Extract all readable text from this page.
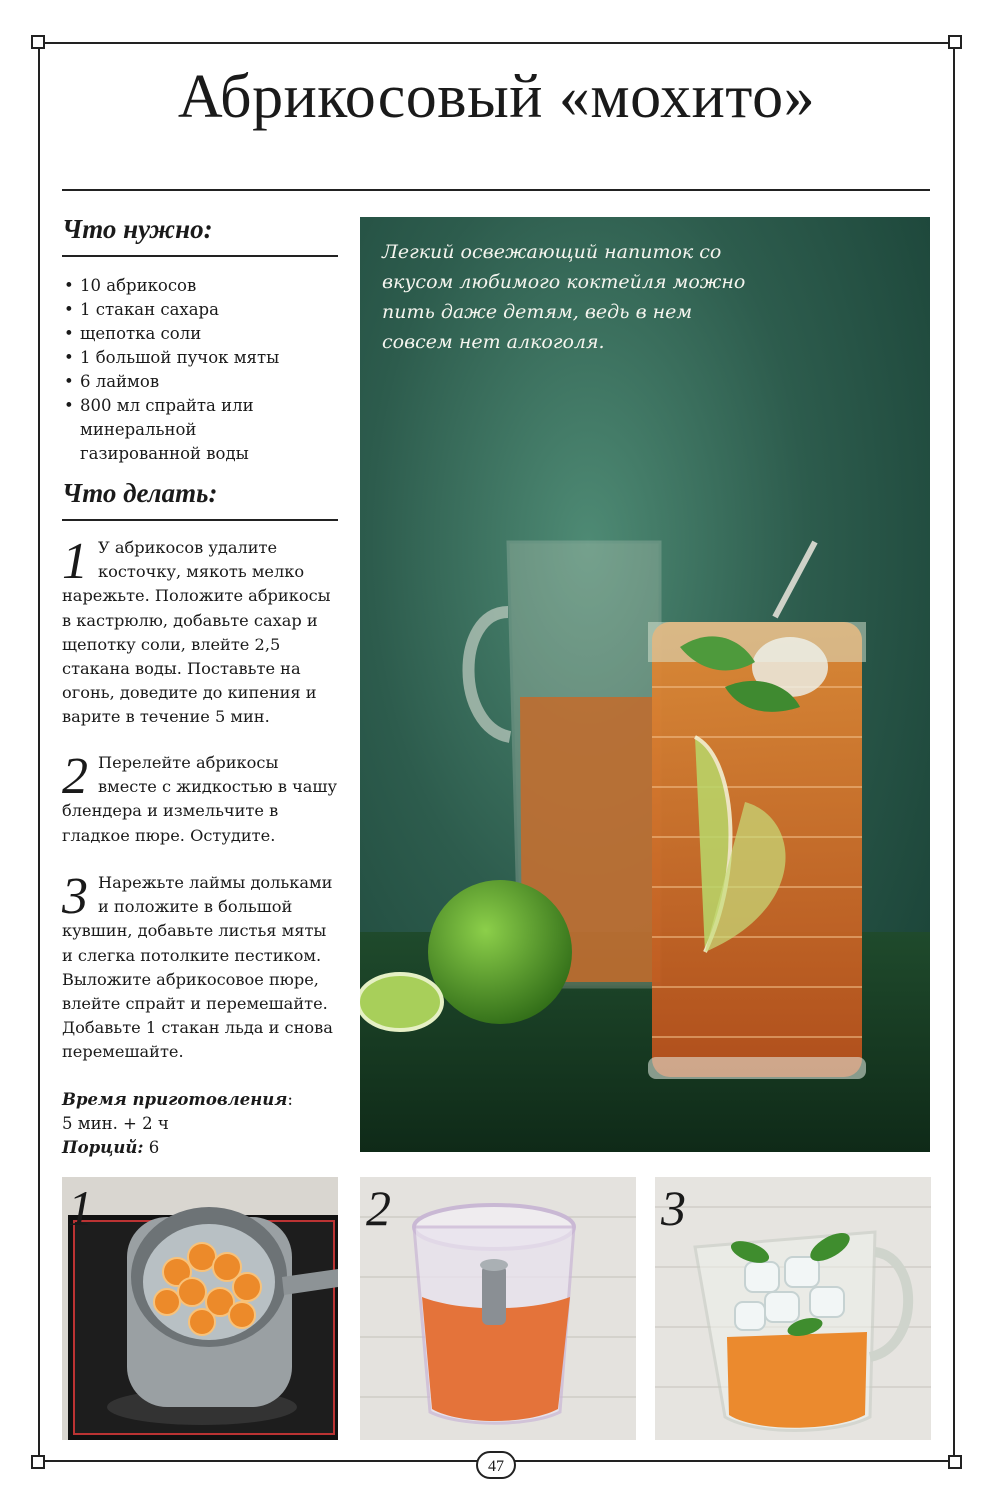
Абрикосовый «мохито»
Что нужно:
• 10 абрикосов
• 1 стакан сахара
• щепотка соли
• 1 большой пучок мяты
• 6 лаймов
• 800 мл спрайта или минеральной газированной воды
Что делать:
1 У абрикосов удалите косточку, мякоть мелко нарежьте. Положите абрикосы в кастрюлю, добавьте сахар и щепотку соли, влейте 2,5 стакана воды. Поставьте на огонь, доведите до кипения и варите в течение 5 мин.
2 Перелейте абрикосы вместе с жидкостью в чашу блендера и измельчите в гладкое пюре. Остудите.
3 Нарежьте лаймы дольками и положите в большой кувшин, добавьте листья мяты и слегка потолките пестиком. Выложите абрикосовое пюре, влейте спрайт и перемешайте. Добавьте 1 стакан льда и снова перемешайте.
Время приготовления:
5 мин. + 2 ч
Порций: 6
Легкий освежающий напиток со вкусом любимого коктейля можно пить даже детям, ведь в нем совсем нет алкоголя.
1	2	3
47
